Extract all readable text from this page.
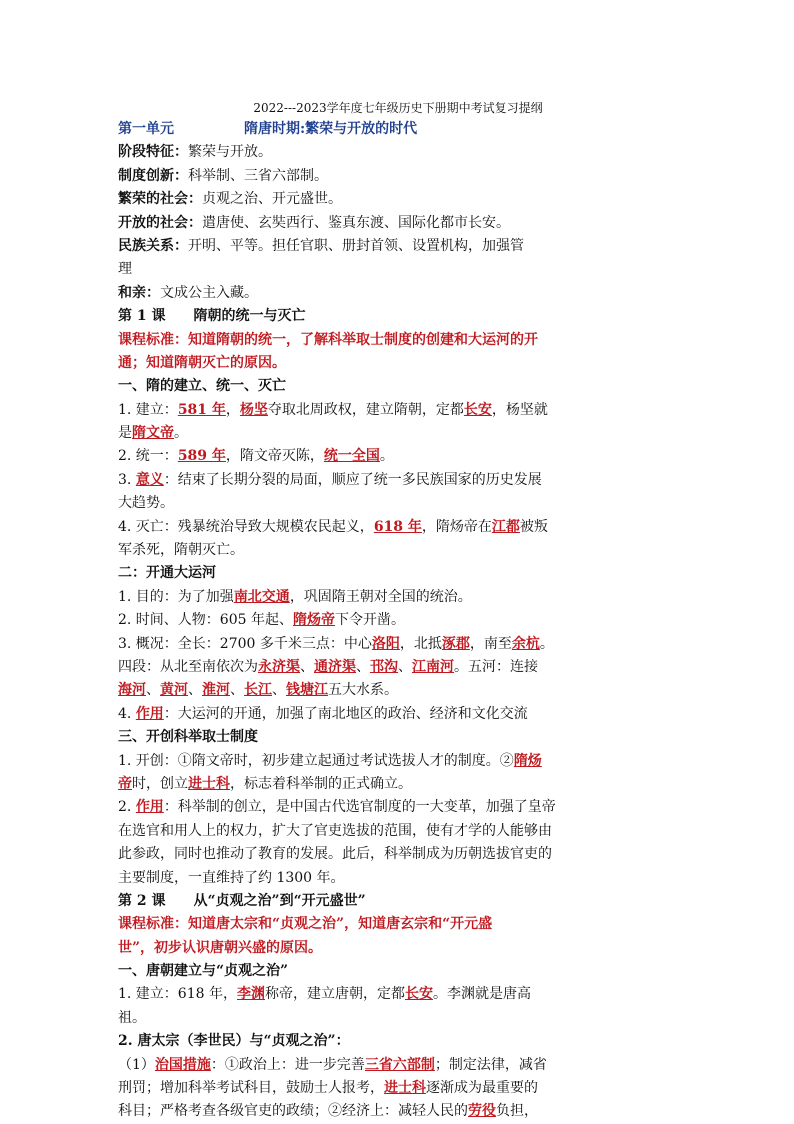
2022---2023学年度七年级历史下册期中考试复习提纲
第一单元	隋唐时期:繁荣与开放的时代
阶段特征：繁荣与开放。
制度创新：科举制、三省六部制。
繁荣的社会：贞观之治、开元盛世。
开放的社会：遣唐使、玄奘西行、鉴真东渡、国际化都市长安。
民族关系：开明、平等。担任官职、册封首领、设置机构，加强管
理
和亲：文成公主入藏。
第 1 课 隋朝的统一与灭亡
课程标准：知道隋朝的统一，了解科举取士制度的创建和大运河的开
通；知道隋朝灭亡的原因。
一、隋的建立、统一、灭亡
1. 建立：581 年，杨坚夺取北周政权，建立隋朝，定都长安，杨坚就
是隋文帝。
2. 统一：589 年，隋文帝灭陈，统一全国。
3. 意义：结束了长期分裂的局面，顺应了统一多民族国家的历史发展
大趋势。
4. 灭亡：残暴统治导致大规模农民起义，618 年，隋炀帝在江都被叛
军杀死，隋朝灭亡。
二：开通大运河
1. 目的：为了加强南北交通，巩固隋王朝对全国的统治。
2. 时间、人物：605 年起、隋炀帝下令开凿。
3. 概况：全长：2700 多千米三点：中心洛阳，北抵涿郡，南至余杭。
四段：从北至南依次为永济渠、通济渠、邗沟、江南河。五河：连接
海河、黄河、淮河、长江、钱塘江五大水系。
4. 作用：大运河的开通，加强了南北地区的政治、经济和文化交流
三、开创科举取士制度
1. 开创：①隋文帝时，初步建立起通过考试选拔人才的制度。②隋炀
帝时，创立进士科，标志着科举制的正式确立。
2. 作用：科举制的创立，是中国古代选官制度的一大变革，加强了皇帝
在选官和用人上的权力，扩大了官吏选拔的范围，使有才学的人能够由
此参政，同时也推动了教育的发展。此后，科举制成为历朝选拔官吏的
主要制度，一直维持了约 1300 年。
第 2 课 从“贞观之治”到“开元盛世”
课程标准：知道唐太宗和“贞观之治”，知道唐玄宗和“开元盛
世”，初步认识唐朝兴盛的原因。
一、唐朝建立与“贞观之治”
1. 建立：618 年，李渊称帝，建立唐朝，定都长安。李渊就是唐高
祖。
2. 唐太宗（李世民）与“贞观之治”：
（1）治国措施：①政治上：进一步完善三省六部制；制定法律，减省
刑罚；增加科举考试科目，鼓励士人报考，进士科逐渐成为最重要的
科目；严格考查各级官吏的政绩；②经济上：减轻人民的劳役负担，
